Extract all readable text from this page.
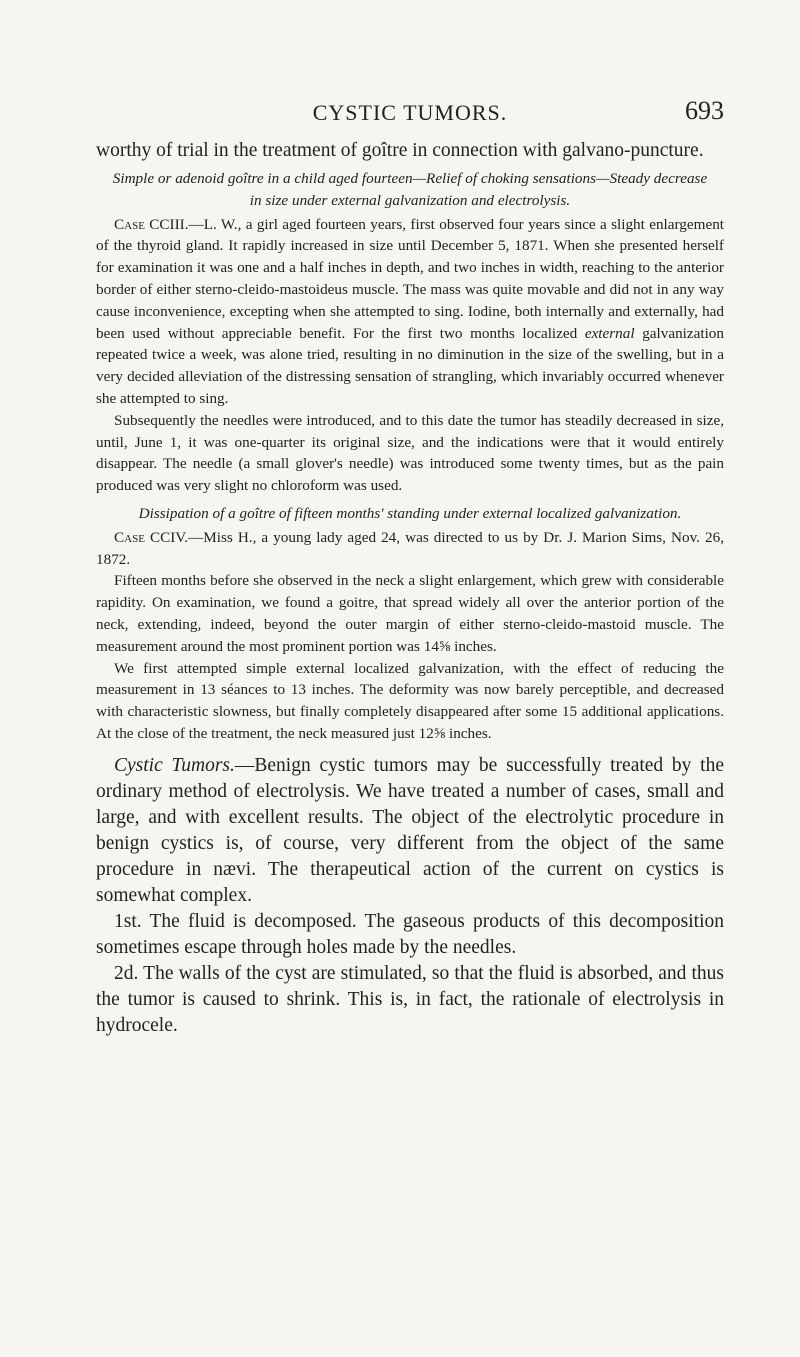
CYSTIC TUMORS.	693

worthy of trial in the treatment of goître in connection with galvano-puncture.

Simple or adenoid goître in a child aged fourteen—Relief of choking sensations—Steady decrease in size under external galvanization and electrolysis.

Case CCIII.—L. W., a girl aged fourteen years, first observed four years since a slight enlargement of the thyroid gland. It rapidly increased in size until December 5, 1871. When she presented herself for examination it was one and a half inches in depth, and two inches in width, reaching to the anterior border of either sterno-cleido-mastoideus muscle. The mass was quite movable and did not in any way cause inconvenience, excepting when she attempted to sing. Iodine, both internally and externally, had been used without appreciable benefit. For the first two months localized external galvanization repeated twice a week, was alone tried, resulting in no diminution in the size of the swelling, but in a very decided alleviation of the distressing sensation of strangling, which invariably occurred whenever she attempted to sing.

Subsequently the needles were introduced, and to this date the tumor has steadily decreased in size, until, June 1, it was one-quarter its original size, and the indications were that it would entirely disappear. The needle (a small glover's needle) was introduced some twenty times, but as the pain produced was very slight no chloroform was used.

Dissipation of a goître of fifteen months' standing under external localized galvanization.

Case CCIV.—Miss H., a young lady aged 24, was directed to us by Dr. J. Marion Sims, Nov. 26, 1872.

Fifteen months before she observed in the neck a slight enlargement, which grew with considerable rapidity. On examination, we found a goitre, that spread widely all over the anterior portion of the neck, extending, indeed, beyond the outer margin of either sterno-cleido-mastoid muscle. The measurement around the most prominent portion was 14⅝ inches.

We first attempted simple external localized galvanization, with the effect of reducing the measurement in 13 séances to 13 inches. The deformity was now barely perceptible, and decreased with characteristic slowness, but finally completely disappeared after some 15 additional applications. At the close of the treatment, the neck measured just 12⅝ inches.

Cystic Tumors.—Benign cystic tumors may be successfully treated by the ordinary method of electrolysis. We have treated a number of cases, small and large, and with excellent results. The object of the electrolytic procedure in benign cystics is, of course, very different from the object of the same procedure in nævi. The therapeutical action of the current on cystics is somewhat complex.

1st. The fluid is decomposed. The gaseous products of this decomposition sometimes escape through holes made by the needles.

2d. The walls of the cyst are stimulated, so that the fluid is absorbed, and thus the tumor is caused to shrink. This is, in fact, the rationale of electrolysis in hydrocele.
